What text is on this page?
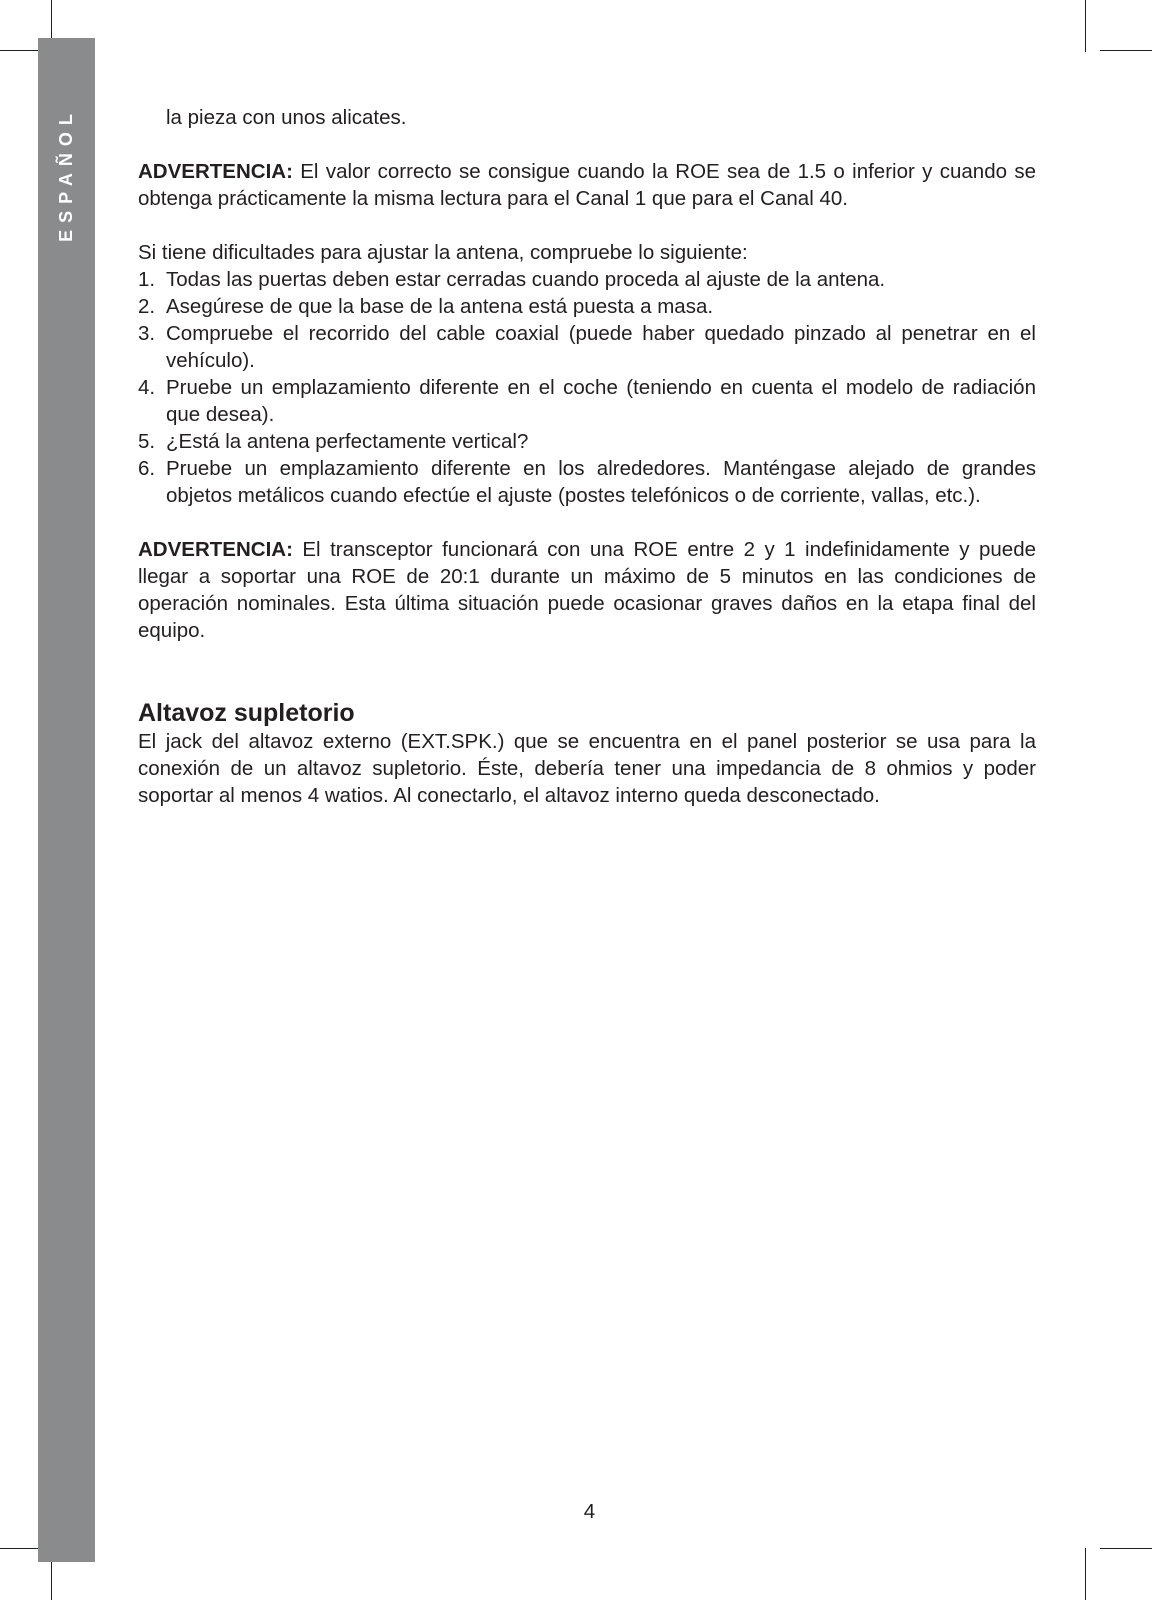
ESPAÑOL	la pieza con unos alicates.

ADVERTENCIA: El valor correcto se consigue cuando la ROE sea de 1.5 o inferior y cuando se obtenga prácticamente la misma lectura para el Canal 1 que para el Canal 40.

Si tiene dificultades para ajustar la antena, compruebe lo siguiente:

1. Todas las puertas deben estar cerradas cuando proceda al ajuste de la antena.
2. Asegúrese de que la base de la antena está puesta a masa.
3. Compruebe el recorrido del cable coaxial (puede haber quedado pinzado al penetrar en el vehículo).
4. Pruebe un emplazamiento diferente en el coche (teniendo en cuenta el modelo de radiación que desea).
5. ¿Está la antena perfectamente vertical?
6. Pruebe un emplazamiento diferente en los alrededores. Manténgase alejado de grandes objetos metálicos cuando efectúe el ajuste (postes telefónicos o de corriente, vallas, etc.).

ADVERTENCIA: El transceptor funcionará con una ROE entre 2 y 1 indefinidamente y puede llegar a soportar una ROE de 20:1 durante un máximo de 5 minutos en las condiciones de operación nominales. Esta última situación puede ocasionar graves daños en la etapa final del equipo.

Altavoz supletorio

El jack del altavoz externo (EXT.SPK.) que se encuentra en el panel posterior se usa para la conexión de un altavoz supletorio. Éste, debería tener una impedancia de 8 ohmios y poder soportar al menos 4 watios. Al conectarlo, el altavoz interno queda desconectado.

4
